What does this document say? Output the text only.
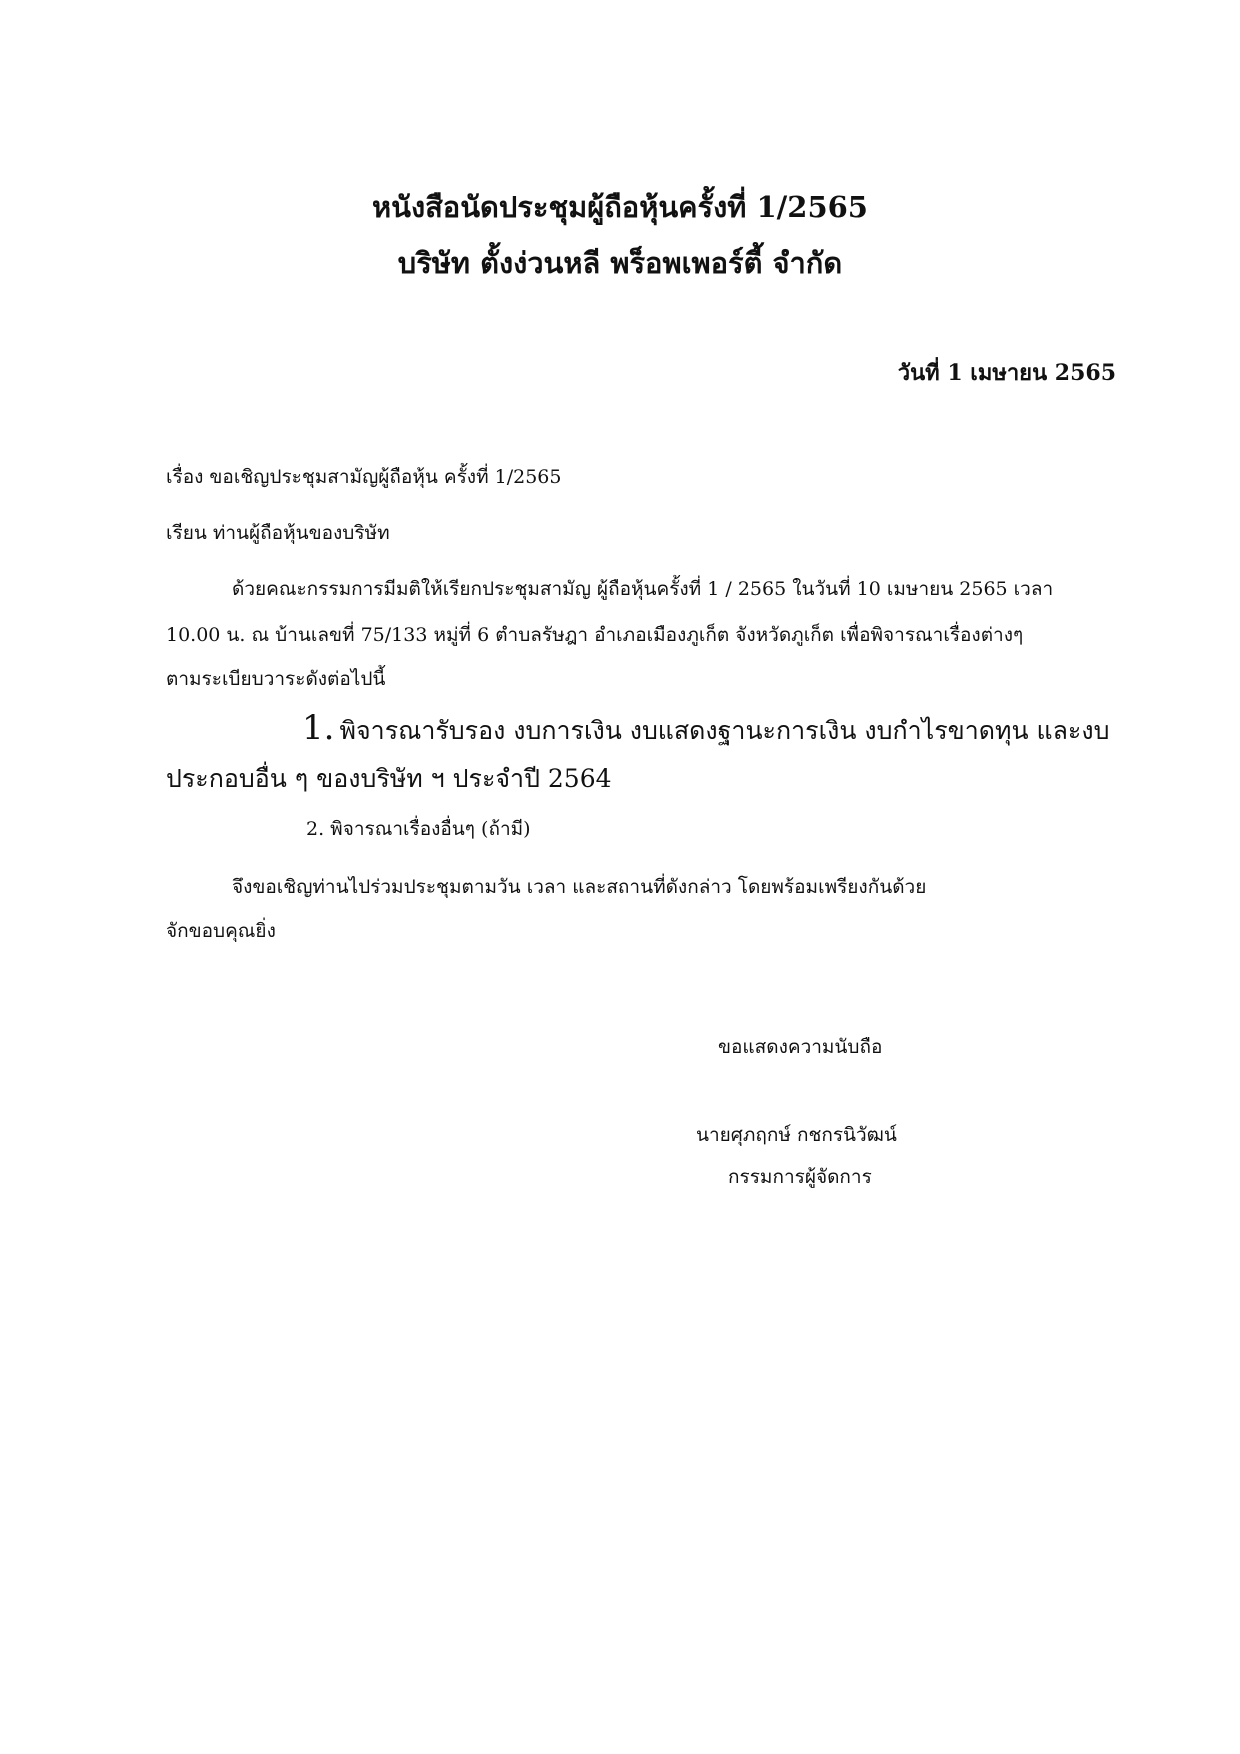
หนังสือนัดประชุมผู้ถือหุ้นครั้งที่ 1/2565
บริษัท ตั้งง่วนหลี พร็อพเพอร์ตี้ จำกัด
วันที่ 1 เมษายน 2565
เรื่อง ขอเชิญประชุมสามัญผู้ถือหุ้น ครั้งที่ 1/2565
เรียน ท่านผู้ถือหุ้นของบริษัท
ด้วยคณะกรรมการมีมติให้เรียกประชุมสามัญ ผู้ถือหุ้นครั้งที่ 1 / 2565 ในวันที่ 10 เมษายน 2565 เวลา
10.00 น. ณ บ้านเลขที่ 75/133 หมู่ที่ 6 ตำบลรัษฎา อำเภอเมืองภูเก็ต จังหวัดภูเก็ต เพื่อพิจารณาเรื่องต่างๆ
ตามระเบียบวาระดังต่อไปนี้
1. พิจารณารับรอง งบการเงิน งบแสดงฐานะการเงิน งบกำไรขาดทุน และงบ
ประกอบอื่น ๆ ของบริษัท ฯ ประจำปี 2564
2. พิจารณาเรื่องอื่นๆ (ถ้ามี)
จึงขอเชิญท่านไปร่วมประชุมตามวัน เวลา และสถานที่ดังกล่าว โดยพร้อมเพรียงกันด้วย
จักขอบคุณยิ่ง
ขอแสดงความนับถือ
นายศุภฤกษ์ กชกรนิวัฒน์
กรรมการผู้จัดการ
